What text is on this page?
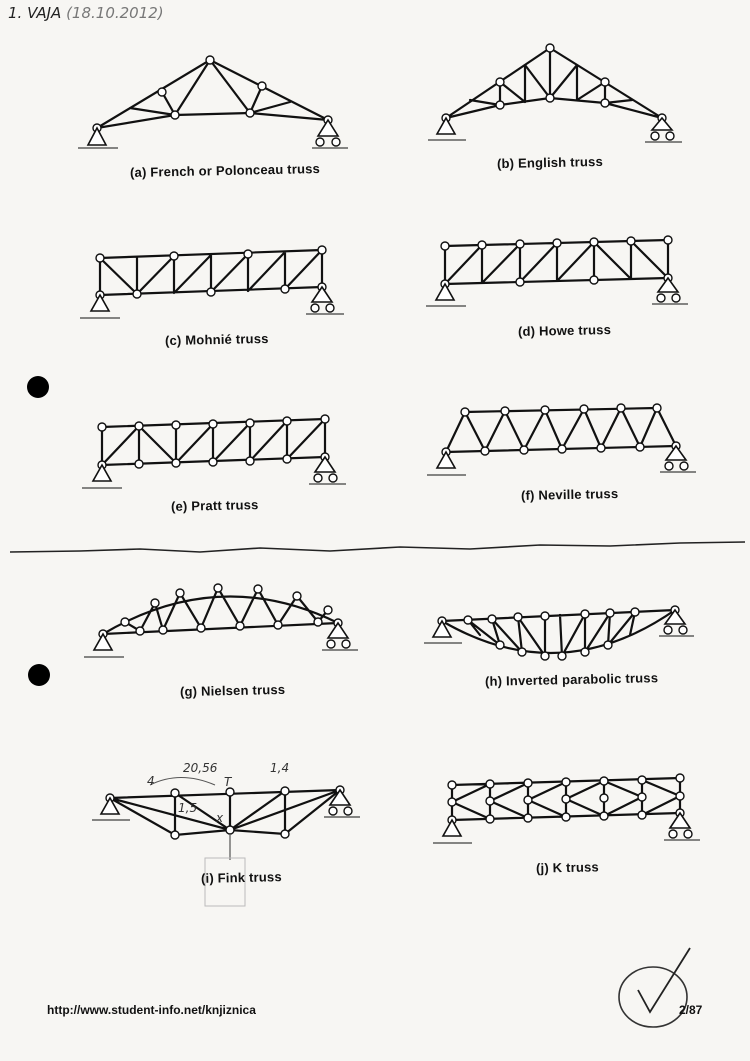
1. VAJA (18.10.2012)
4
20,56	1,4
1,5
x
T
(a) French or Polonceau truss	(b) English truss
(c) Mohnié truss
(d) Howe truss
(e) Pratt truss
(f) Neville truss
(g) Nielsen truss
(h) Inverted parabolic truss
(i) Fink truss
(j) K truss
http://www.student-info.net/knjiznica	2/87
